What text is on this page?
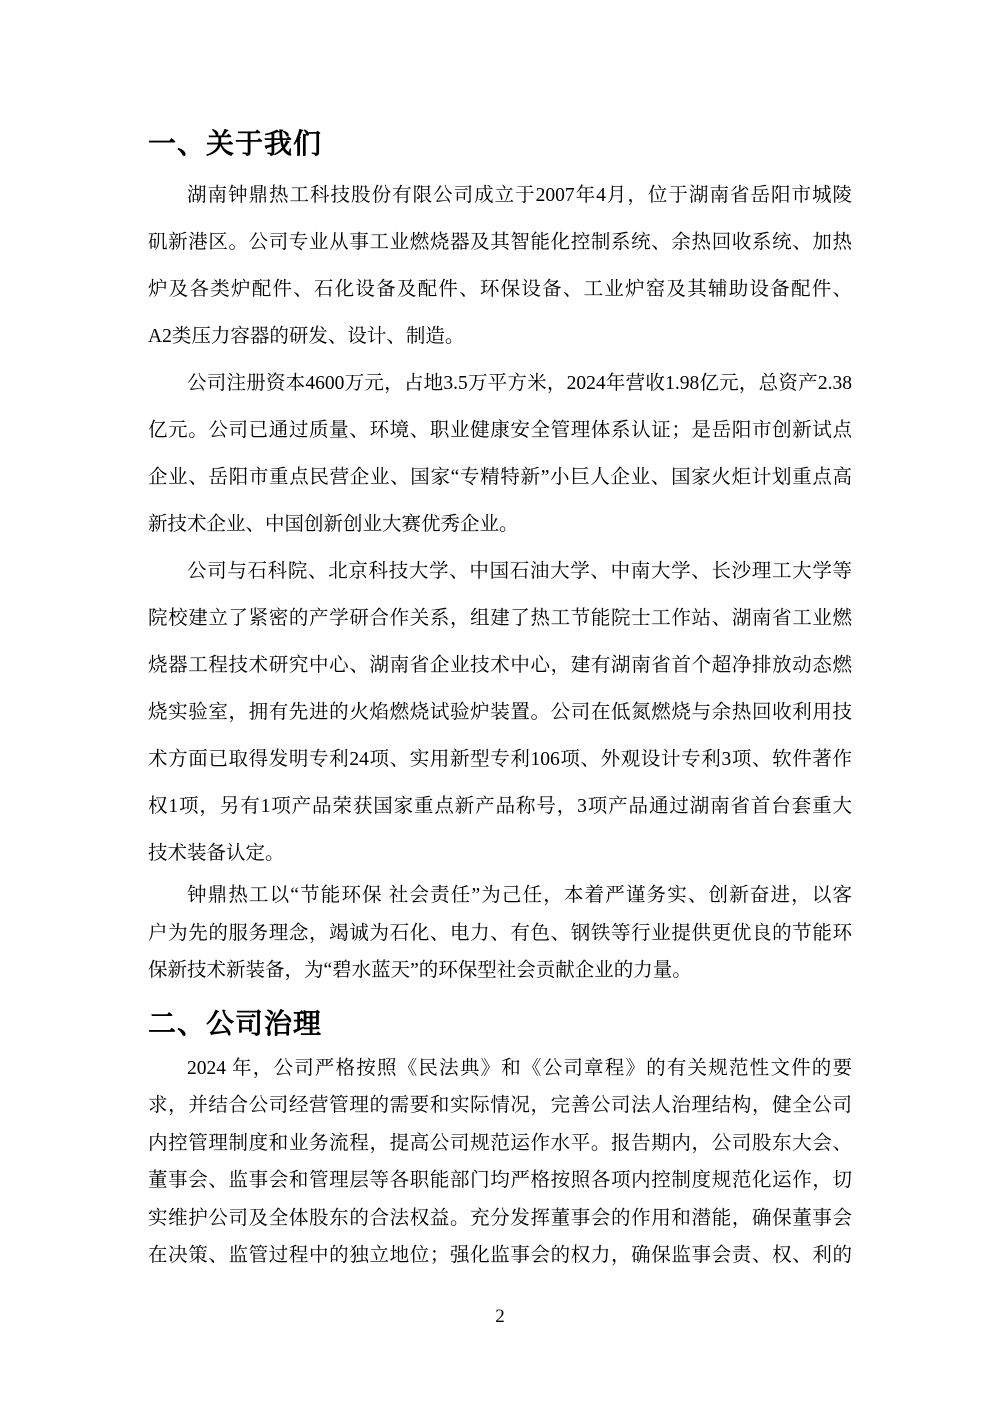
一、关于我们
湖南钟鼎热工科技股份有限公司成立于2007年4月，位于湖南省岳阳市城陵
矶新港区。公司专业从事工业燃烧器及其智能化控制系统、余热回收系统、加热
炉及各类炉配件、石化设备及配件、环保设备、工业炉窑及其辅助设备配件、
A2类压力容器的研发、设计、制造。
公司注册资本4600万元，占地3.5万平方米，2024年营收1.98亿元，总资产2.38
亿元。公司已通过质量、环境、职业健康安全管理体系认证；是岳阳市创新试点
企业、岳阳市重点民营企业、国家“专精特新”小巨人企业、国家火炬计划重点高
新技术企业、中国创新创业大赛优秀企业。
公司与石科院、北京科技大学、中国石油大学、中南大学、长沙理工大学等
院校建立了紧密的产学研合作关系，组建了热工节能院士工作站、湖南省工业燃
烧器工程技术研究中心、湖南省企业技术中心，建有湖南省首个超净排放动态燃
烧实验室，拥有先进的火焰燃烧试验炉装置。公司在低氮燃烧与余热回收利用技
术方面已取得发明专利24项、实用新型专利106项、外观设计专利3项、软件著作
权1项，另有1项产品荣获国家重点新产品称号，3项产品通过湖南省首台套重大
技术装备认定。
钟鼎热工以“节能环保 社会责任”为己任，本着严谨务实、创新奋进，以客
户为先的服务理念，竭诚为石化、电力、有色、钢铁等行业提供更优良的节能环
保新技术新装备，为“碧水蓝天”的环保型社会贡献企业的力量。
二、公司治理
2024 年，公司严格按照《民法典》和《公司章程》的有关规范性文件的要
求，并结合公司经营管理的需要和实际情况，完善公司法人治理结构，健全公司
内控管理制度和业务流程，提高公司规范运作水平。报告期内，公司股东大会、
董事会、监事会和管理层等各职能部门均严格按照各项内控制度规范化运作，切
实维护公司及全体股东的合法权益。充分发挥董事会的作用和潜能，确保董事会
在决策、监管过程中的独立地位；强化监事会的权力，确保监事会责、权、利的
2
